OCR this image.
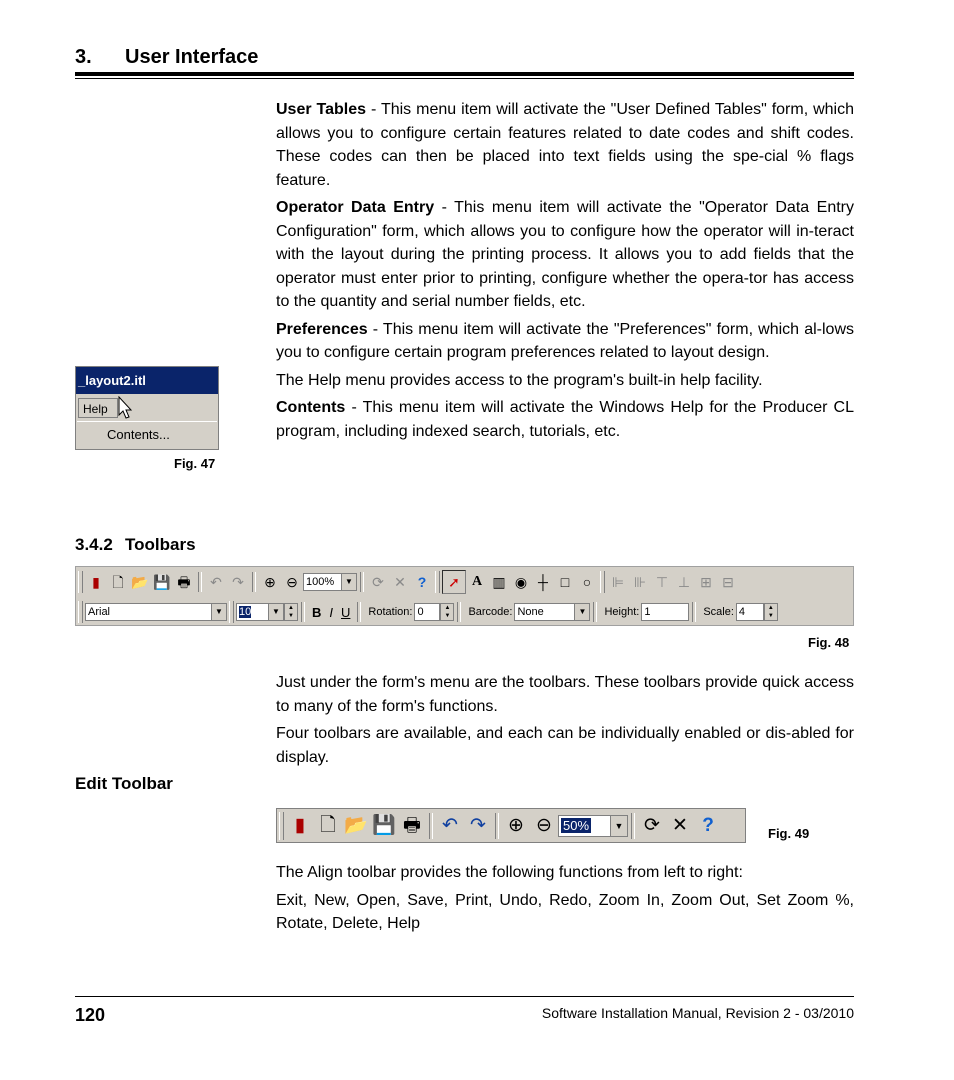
3. User Interface

User Tables - This menu item will activate the "User Defined Tables" form, which allows you to configure certain features related to date codes and shift codes. These codes can then be placed into text fields using the spe-cial % flags feature.

Operator Data Entry - This menu item will activate the "Operator Data Entry Configuration" form, which allows you to configure how the operator will in-teract with the layout during the printing process. It allows you to add fields that the operator must enter prior to printing, configure whether the opera-tor has access to the quantity and serial number fields, etc.

Preferences - This menu item will activate the "Preferences" form, which al-lows you to configure certain program preferences related to layout design.

The Help menu provides access to the program's built-in help facility.

Contents - This menu item will activate the Windows Help for the Producer CL program, including indexed search, tutorials, etc.

_layout2.itl
Help
Contents...
Fig. 47
3.4.2 Toolbars
▮ 🗋 📂 💾 🖶	↶ ↷	⊕ ⊖ 100%	▼	⟳ ✕ ?	➚ A ▥ ◉ ┼ □ ○	⊫ ⊪ ⊤ ⊥ ⊞ ⊟
Arial	▼ 10	▼	▲
▼ B I U Rotation: 0	▲
▼ Barcode: None	▼ Height: 1	Scale: 4	▲
▼
Fig. 48

Just under the form's menu are the toolbars. These toolbars provide quick access to many of the form's functions.

Four toolbars are available, and each can be individually enabled or dis-abled for display.

Edit Toolbar
▮ 🗋 📂 💾 🖶	↶ ↷	⊕ ⊖ 50%	▼	⟳ ✕ ?	Fig. 49

The Align toolbar provides the following functions from left to right:

Exit, New, Open, Save, Print, Undo, Redo, Zoom In, Zoom Out, Set Zoom %, Rotate, Delete, Help

120	Software Installation Manual, Revision 2 - 03/2010
